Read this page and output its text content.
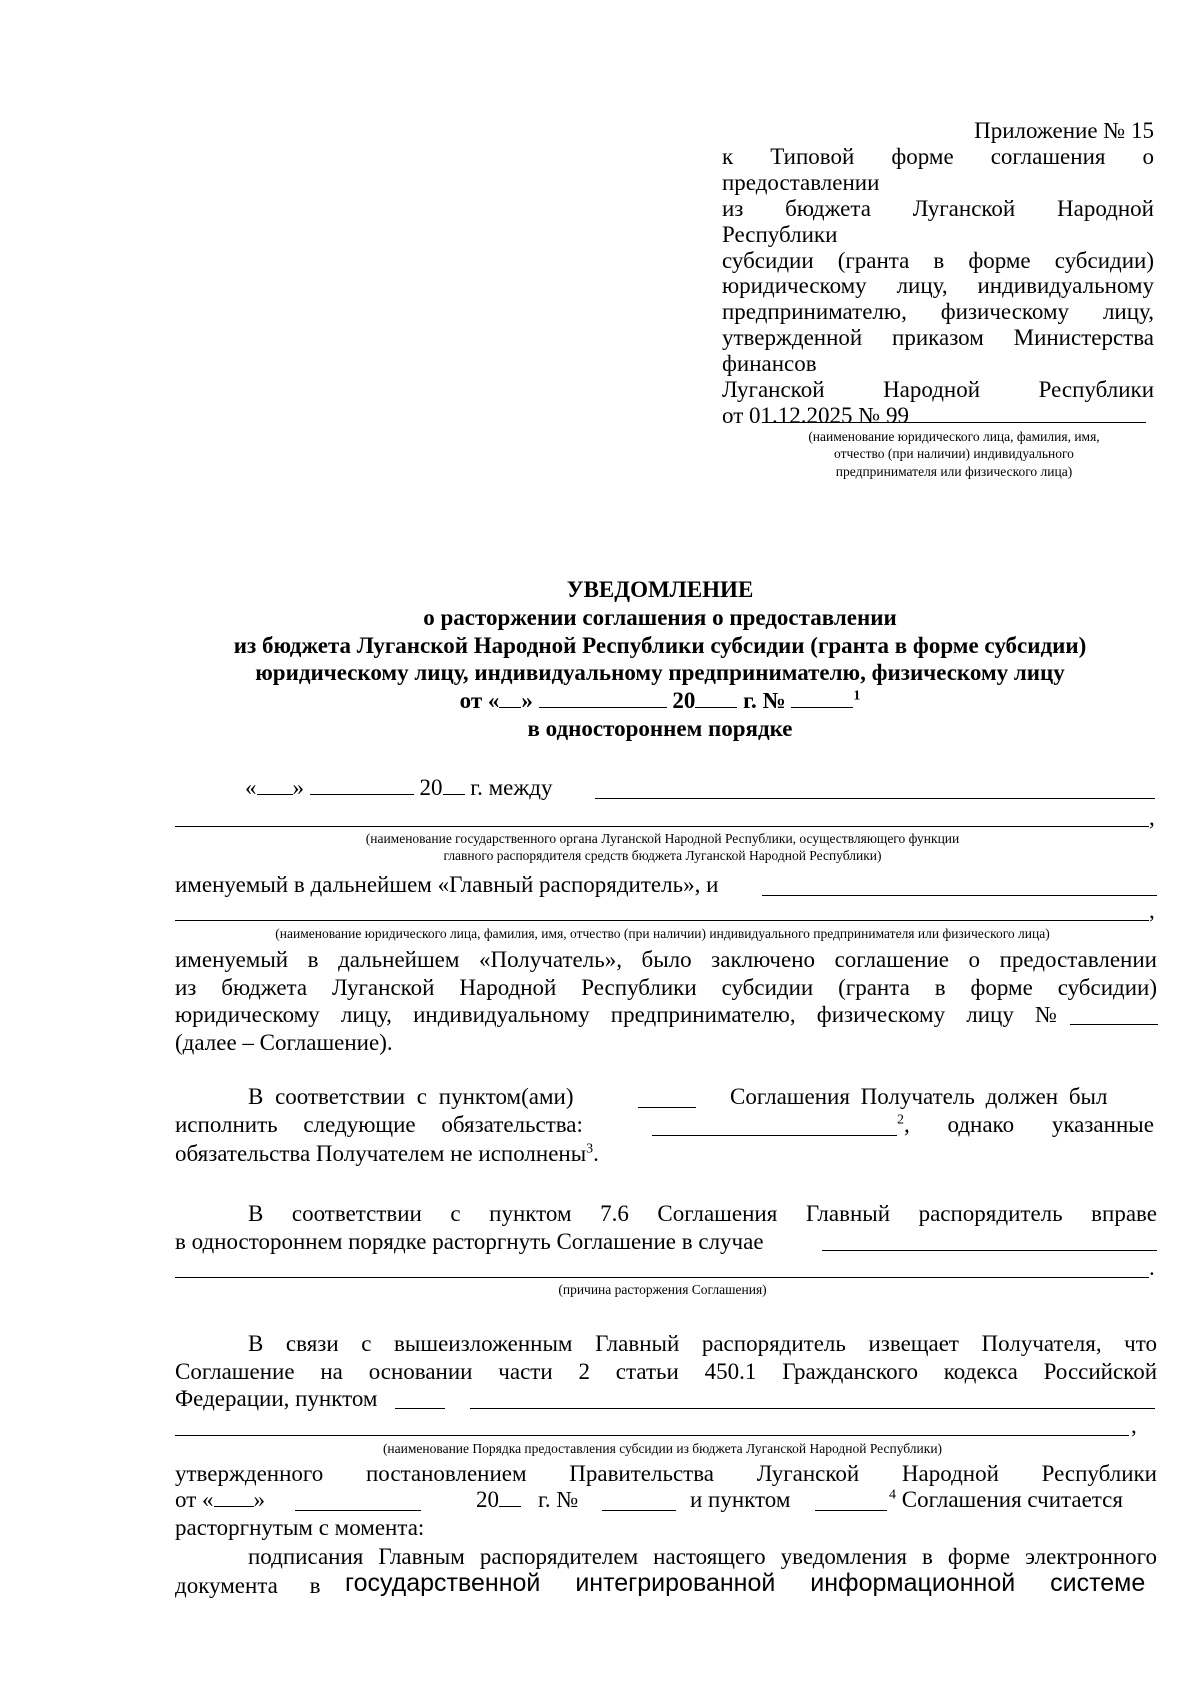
Приложение № 15
к Типовой форме соглашения о предоставлении
из бюджета Луганской Народной Республики
субсидии (гранта в форме субсидии)
юридическому лицу, индивидуальному
предпринимателю, физическому лицу,
утвержденной приказом Министерства финансов
Луганской Народной Республики
от 01.12.2025 № 99
(наименование юридического лица, фамилия, имя,
отчество (при наличии) индивидуального
предпринимателя или физического лица)
УВЕДОМЛЕНИЕ
о расторжении соглашения о предоставлении
из бюджета Луганской Народной Республики субсидии (гранта в форме субсидии)
юридическому лицу, индивидуальному предпринимателю, физическому лицу
от « »	20 г. №	$^1$
в одностороннем порядке
« »	20 г. между
,
(наименование государственного органа Луганской Народной Республики, осуществляющего функции
главного распорядителя средств бюджета Луганской Народной Республики)
именуемый в дальнейшем «Главный распорядитель», и
,
(наименование юридического лица, фамилия, имя, отчество (при наличии) индивидуального предпринимателя или физического лица)
именуемый в дальнейшем «Получатель», было заключено соглашение о предоставлении
из бюджета Луганской Народной Республики субсидии (гранта в форме субсидии)
юридическому лицу, индивидуальному предпринимателю, физическому лицу №
(далее – Соглашение).
В соответствии с пунктом(ами)	Соглашения Получатель должен был
исполнить следующие обязательства:	$^2$, однако указанные
обязательства Получателем не исполнены$^3$.
В соответствии с пунктом 7.6 Соглашения Главный распорядитель вправе
в одностороннем порядке расторгнуть Соглашение в случае
.
(причина расторжения Соглашения)
В связи с вышеизложенным Главный распорядитель извещает Получателя, что
Соглашение на основании части 2 статьи 450.1 Гражданского кодекса Российской
Федерации, пунктом
,
(наименование Порядка предоставления субсидии из бюджета Луганской Народной Республики)
утвержденного постановлением Правительства Луганской Народной Республики
от « »	20	г. №	и пунктом	$^4$ Соглашения считается
расторгнутым с момента:
подписания Главным распорядителем настоящего уведомления в форме электронного
документа в государственной интегрированной информационной системе
